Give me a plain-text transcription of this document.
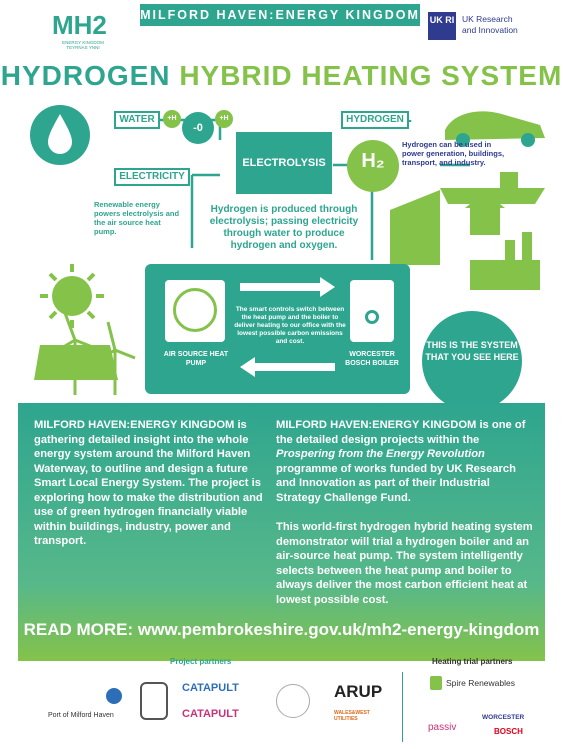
MH2
ENERGY KINGDOM TEYRNAS YNNI
MILFORD HAVEN:ENERGY KINGDOM UK RI UK Research
and Innovation
HYDROGEN HYBRID HEATING SYSTEM
WATER	+H
-0
+H
ELECTRICITY
ELECTROLYSIS
HYDROGEN
H₂
Renewable energy powers electrolysis and the air source heat pump.
Hydrogen can be used in power generation, buildings, transport, and industry.
Hydrogen is produced through electrolysis; passing electricity through water to produce hydrogen and oxygen.
The smart controls switch between the heat pump and the boiler to deliver heating to our office with the lowest possible carbon emissions and cost.
AIR SOURCE HEAT PUMP
WORCESTER BOSCH BOILER
THIS IS THE SYSTEM THAT YOU SEE HERE
MILFORD HAVEN:ENERGY KINGDOM is gathering detailed insight into the whole energy system around the Milford Haven Waterway, to outline and design a future Smart Local Energy System. The project is exploring how to make the distribution and use of green hydrogen financially viable within buildings, industry, power and transport.
MILFORD HAVEN:ENERGY KINGDOM is one of the detailed design projects within the Prospering from the Energy Revolution programme of works funded by UK Research and Innovation as part of their Industrial Strategy Challenge Fund.
This world-first hydrogen hybrid heating system demonstrator will trial a hydrogen boiler and an air-source heat pump. The system intelligently selects between the heat pump and boiler to always deliver the most carbon efficient heat at lowest possible cost.
READ MORE: www.pembrokeshire.gov.uk/mh2-energy-kingdom
Project partners	Heating trial partners
Port of Milford Haven
CATAPULT
CATAPULT
ARUP
WALES&WEST UTILITIES
Spire Renewables
passiv
WORCESTER
BOSCH
